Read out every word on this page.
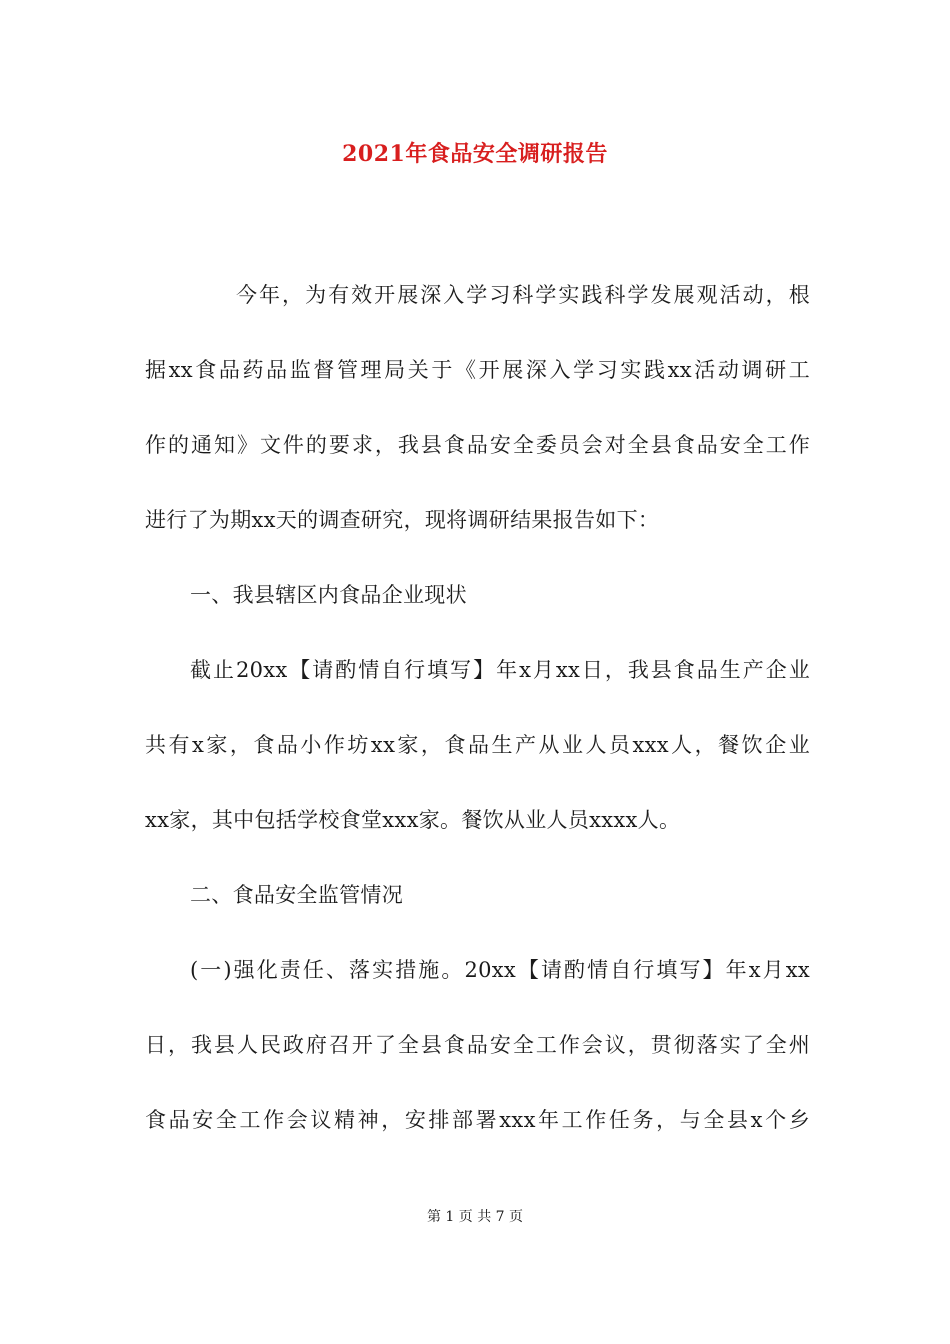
2021年食品安全调研报告
今年，为有效开展深入学习科学实践科学发展观活动，根
据xx食品药品监督管理局关于《开展深入学习实践xx活动调研工
作的通知》文件的要求，我县食品安全委员会对全县食品安全工作
进行了为期xx天的调查研究，现将调研结果报告如下：
一、我县辖区内食品企业现状
截止20xx【请酌情自行填写】年x月xx日，我县食品生产企业
共有x家，食品小作坊xx家，食品生产从业人员xxx人，餐饮企业
xx家，其中包括学校食堂xxx家。餐饮从业人员xxxx人。
二、食品安全监管情况
(一)强化责任、落实措施。20xx【请酌情自行填写】年x月xx
日，我县人民政府召开了全县食品安全工作会议，贯彻落实了全州
食品安全工作会议精神，安排部署xxx年工作任务，与全县x个乡
第 1 页 共 7 页
